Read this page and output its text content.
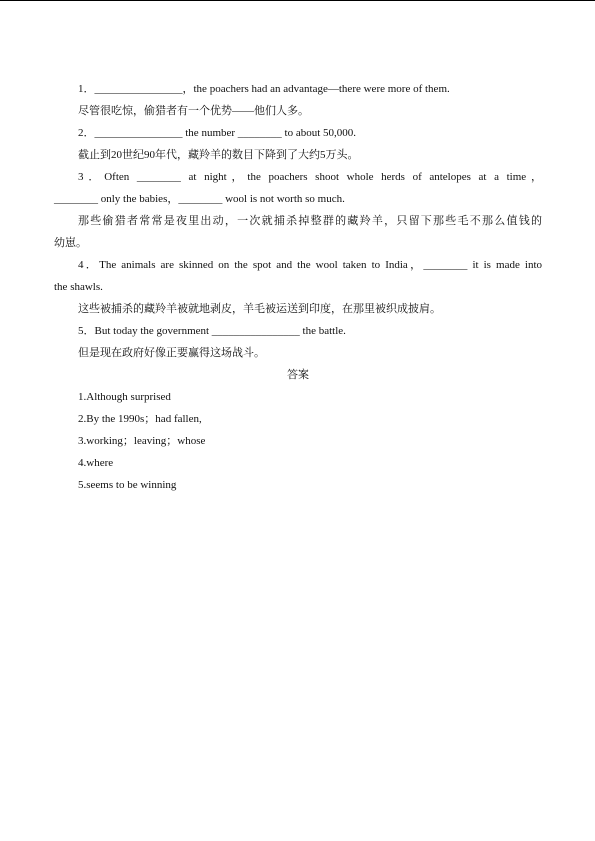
1．________________，the poachers had an advantage—there were more of them.
尽管很吃惊，偷猎者有一个优势——他们人多。
2．________________ the number ________ to about 50,000.
截止到20世纪90年代，藏羚羊的数目下降到了大约5万头。
3．Often ________ at night，the poachers shoot whole herds of antelopes at a time，
________ only the babies，________ wool is not worth so much.
那些偷猎者常常是夜里出动，一次就捕杀掉整群的藏羚羊，只留下那些毛不那么值钱的
幼崽。
4．The animals are skinned on the spot and the wool taken to India，________ it is made into
the shawls.
这些被捕杀的藏羚羊被就地剥皮，羊毛被运送到印度，在那里被织成披肩。
5．But today the government ________________ the battle.
但是现在政府好像正要赢得这场战斗。
答案
1.Although surprised
2.By the 1990s；had fallen,
3.working；leaving；whose
4.where
5.seems to be winning
